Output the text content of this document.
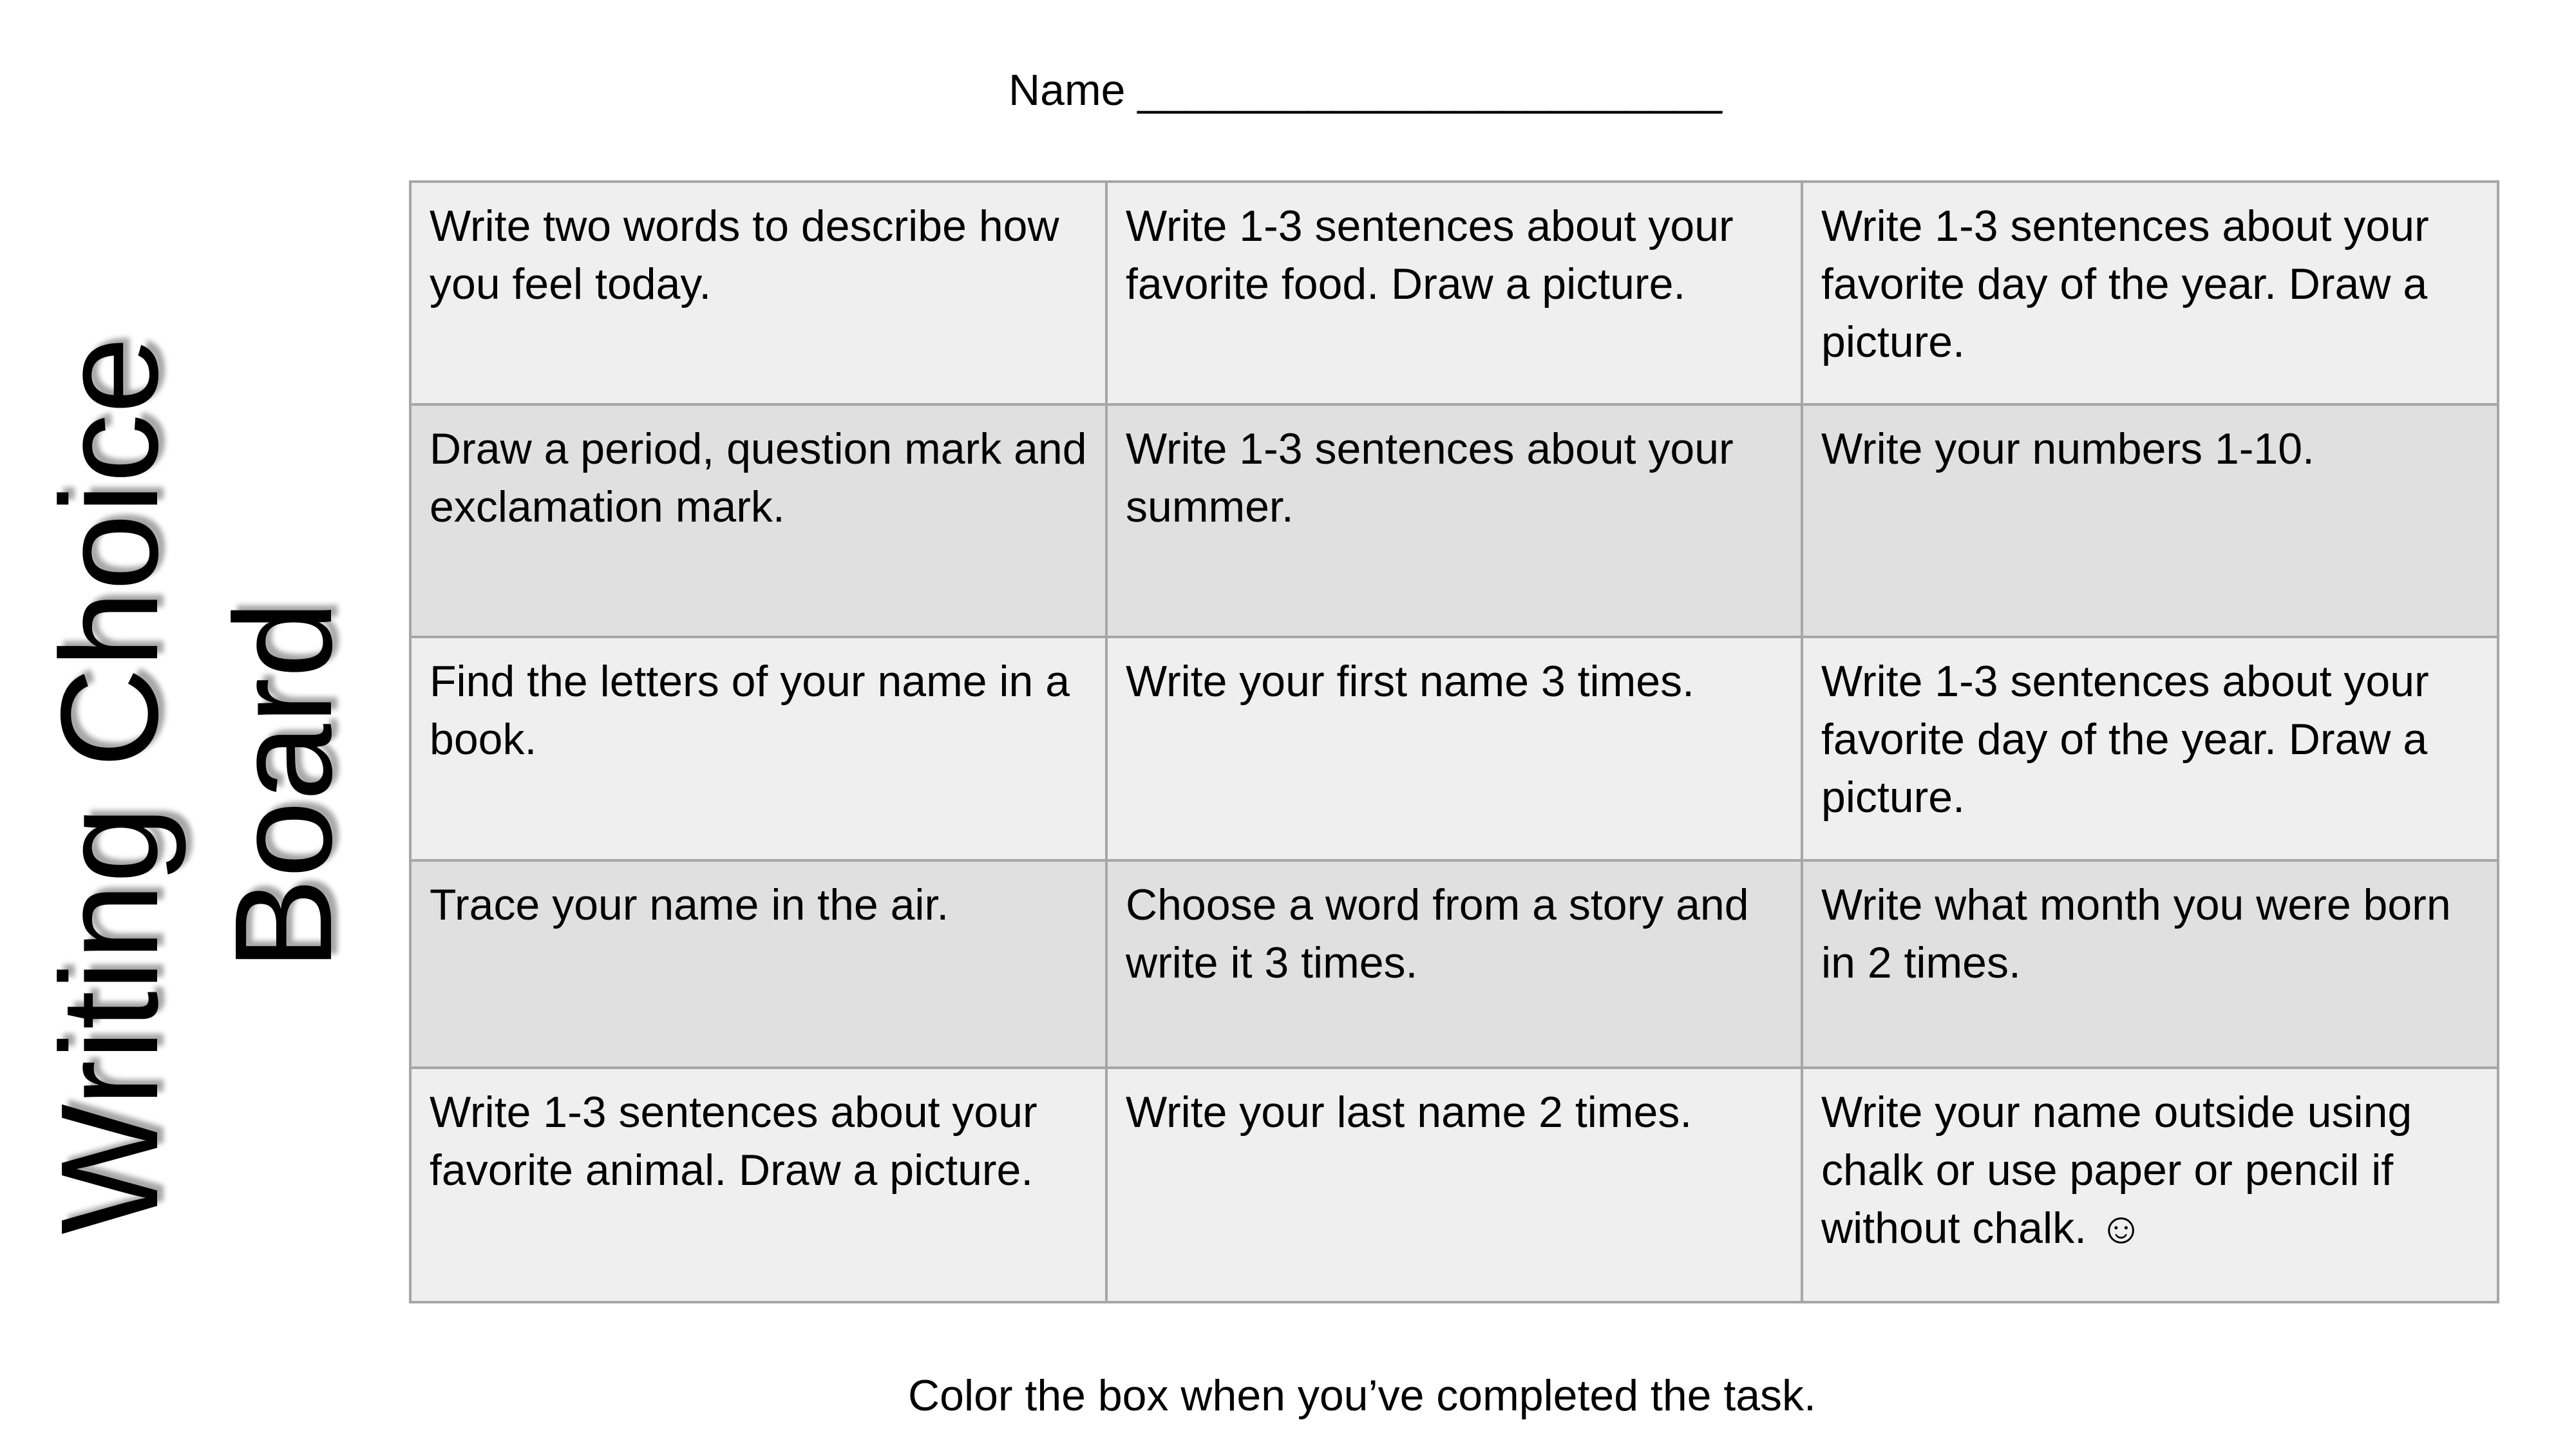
Name ________________________
Writing Choice Board
Write two words to describe how you feel today.	Write 1-3 sentences about your favorite food. Draw a picture.	Write 1-3 sentences about your favorite day of the year. Draw a picture.
Draw a period, question mark and exclamation mark.	Write 1-3 sentences about your summer.	Write your numbers 1-10.
Find the letters of your name in a book.	Write your first name 3 times.	Write 1-3 sentences about your favorite day of the year. Draw a picture.
Trace your name in the air.	Choose a word from a story and write it 3 times.	Write what month you were born in 2 times.
Write 1-3 sentences about your favorite animal. Draw a picture.	Write your last name 2 times.	Write your name outside using chalk or use paper or pencil if without chalk. ☺
Color the box when you’ve completed the task.
